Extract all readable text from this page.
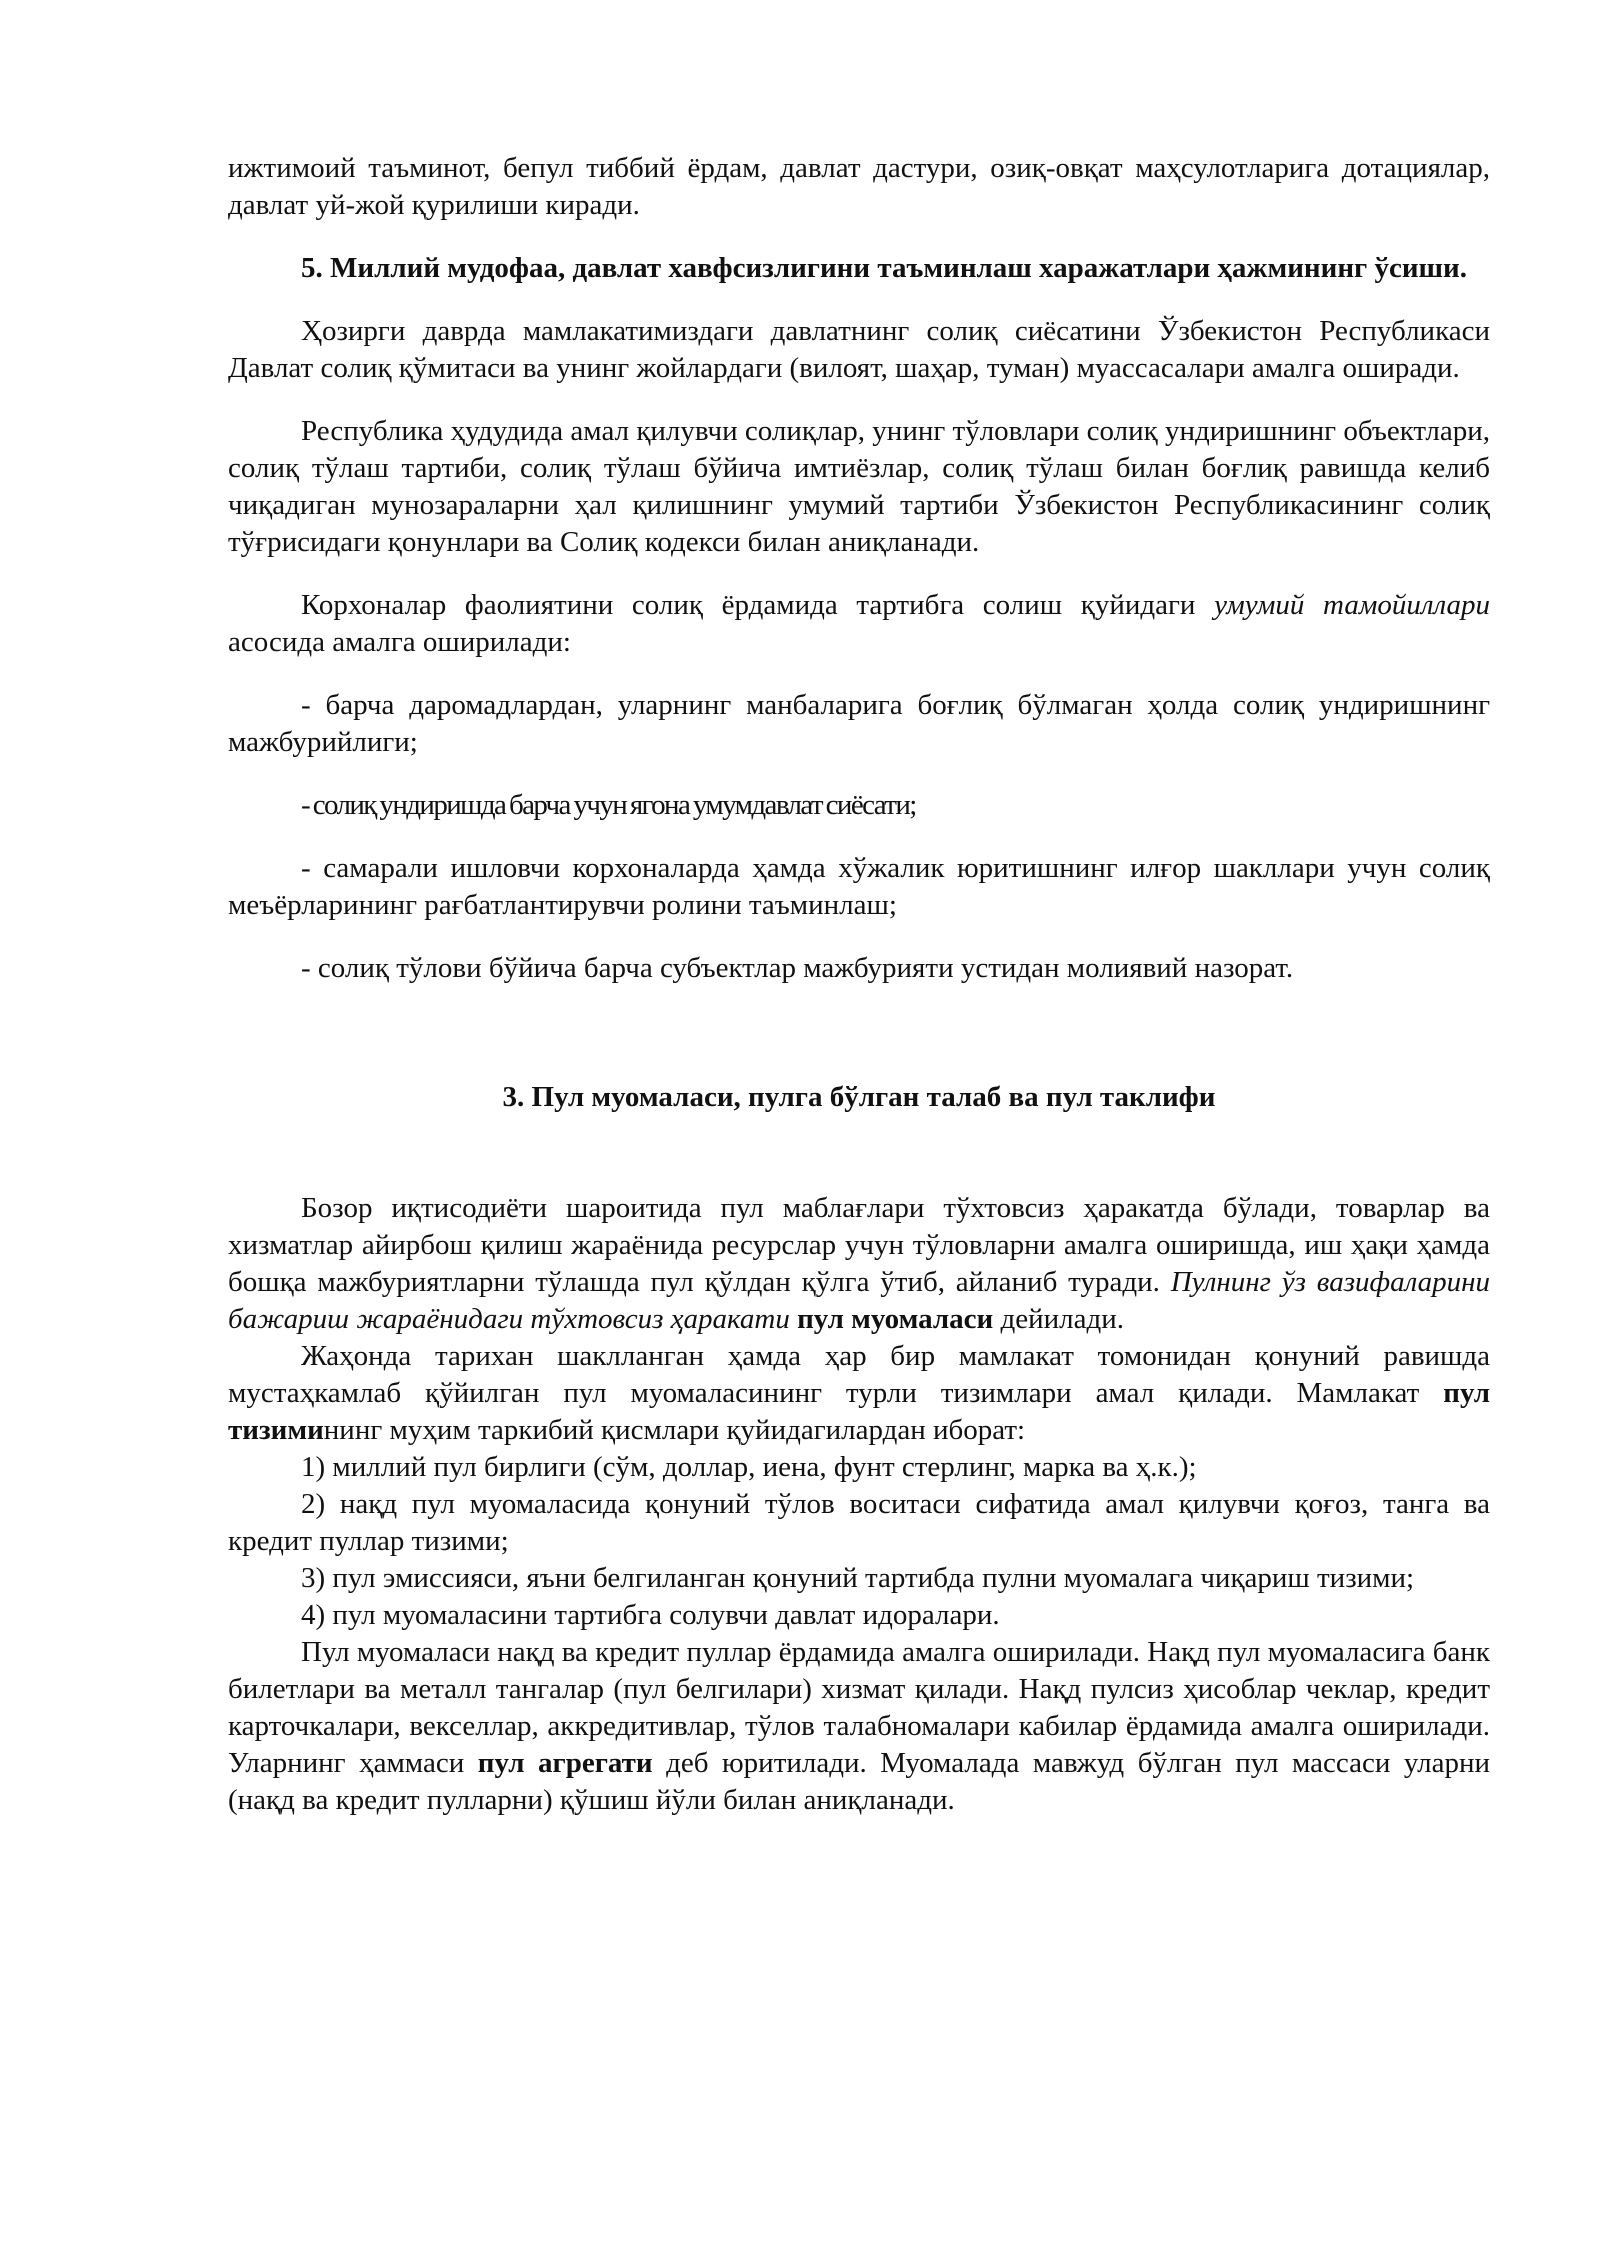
ижтимоий таъминот, бепул тиббий ёрдам, давлат дастури, озиқ-овқат маҳсулотларига дотациялар, давлат уй-жой қурилиши киради.

5. Миллий мудофаа, давлат хавфсизлигини таъминлаш харажатлари ҳажмининг ўсиши.

Ҳозирги даврда мамлакатимиздаги давлатнинг солиқ сиёсатини Ўзбекистон Республикаси Давлат солиқ қўмитаси ва унинг жойлардаги (вилоят, шаҳар, туман) муассасалари амалга оширади.

Республика ҳудудида амал қилувчи солиқлар, унинг тўловлари солиқ ундиришнинг объектлари, солиқ тўлаш тартиби, солиқ тўлаш бўйича имтиёзлар, солиқ тўлаш билан боғлиқ равишда келиб чиқадиган мунозараларни ҳал қилишнинг умумий тартиби Ўзбекистон Республикасининг солиқ тўғрисидаги қонунлари ва Солиқ кодекси билан аниқланади.

Корхоналар фаолиятини солиқ ёрдамида тартибга солиш қуйидаги умумий тамойиллари асосида амалга оширилади:

- барча даромадлардан, уларнинг манбаларига боғлиқ бўлмаган ҳолда солиқ ундиришнинг мажбурийлиги;

- солиқ ундиришда барча учун ягона умумдавлат сиёсати;

- самарали ишловчи корхоналарда ҳамда хўжалик юритишнинг илғор шакллари учун солиқ меъёрларининг рағбатлантирувчи ролини таъминлаш;

- солиқ тўлови бўйича барча субъектлар мажбурияти устидан молиявий назорат.

3. Пул муомаласи, пулга бўлган талаб ва пул таклифи

Бозор иқтисодиёти шароитида пул маблағлари тўхтовсиз ҳаракатда бўлади, товарлар ва хизматлар айирбош қилиш жараёнида ресурслар учун тўловларни амалга оширишда, иш ҳақи ҳамда бошқа мажбуриятларни тўлашда пул қўлдан қўлга ўтиб, айланиб туради. Пулнинг ўз вазифаларини бажариш жараёнидаги тўхтовсиз ҳаракати пул муомаласи дейилади.

Жаҳонда тарихан шаклланган ҳамда ҳар бир мамлакат томонидан қонуний равишда мустаҳкамлаб қўйилган пул муомаласининг турли тизимлари амал қилади. Мамлакат пул тизимининг муҳим таркибий қисмлари қуйидагилардан иборат:

1) миллий пул бирлиги (сўм, доллар, иена, фунт стерлинг, марка ва ҳ.к.);

2) нақд пул муомаласида қонуний тўлов воситаси сифатида амал қилувчи қоғоз, танга ва кредит пуллар тизими;

3) пул эмиссияси, яъни белгиланган қонуний тартибда пулни муомалага чиқариш тизими;

4) пул муомаласини тартибга солувчи давлат идоралари.

Пул муомаласи нақд ва кредит пуллар ёрдамида амалга оширилади. Нақд пул муомаласига банк билетлари ва металл тангалар (пул белгилари) хизмат қилади. Нақд пулсиз ҳисоблар чеклар, кредит карточкалари, векселлар, аккредитивлар, тўлов талабномалари кабилар ёрдамида амалга оширилади. Уларнинг ҳаммаси пул агрегати деб юритилади. Муомалада мавжуд бўлган пул массаси уларни (нақд ва кредит пулларни) қўшиш йўли билан аниқланади.
